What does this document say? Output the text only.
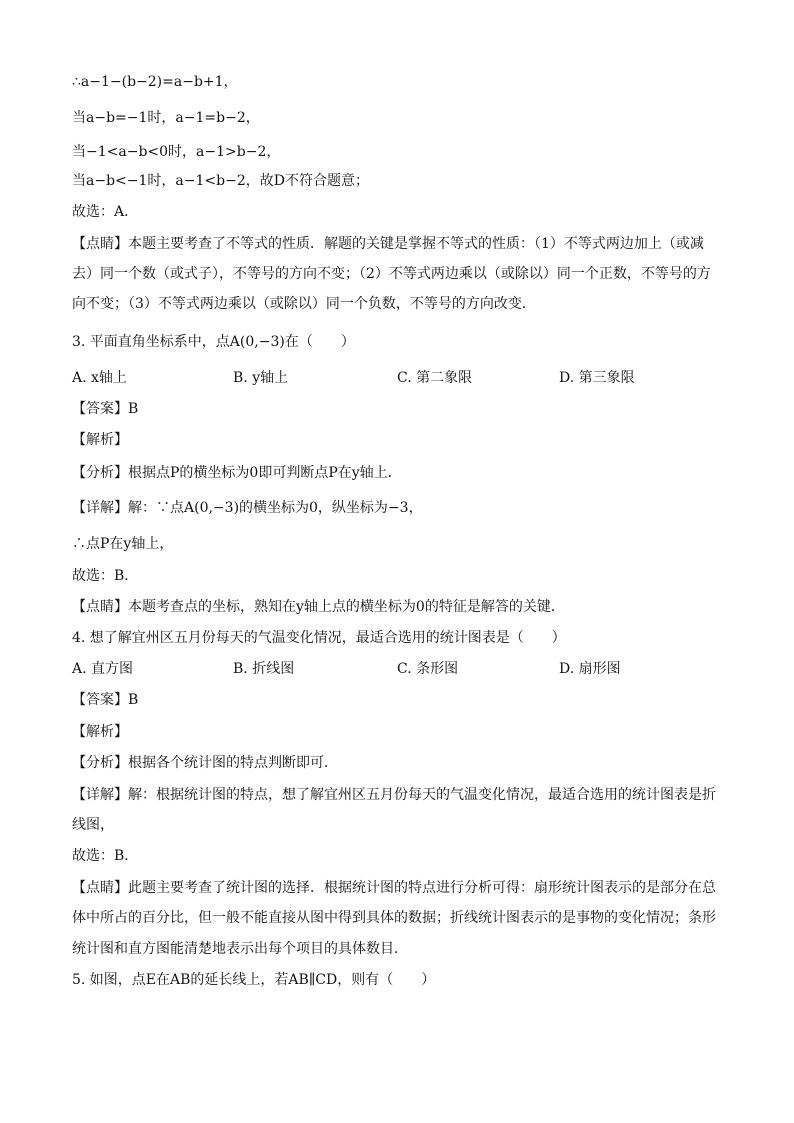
∴a−1−(b−2)=a−b+1，
当a−b=−1时，a−1=b−2，
当−1<a−b<0时，a−1>b−2，
当a−b<−1时，a−1<b−2，故D不符合题意；
故选：A．
【点睛】本题主要考查了不等式的性质．解题的关键是掌握不等式的性质：（1）不等式两边加上（或减
去）同一个数（或式子），不等号的方向不变；（2）不等式两边乘以（或除以）同一个正数，不等号的方
向不变；（3）不等式两边乘以（或除以）同一个负数，不等号的方向改变．
3. 平面直角坐标系中，点A(0,−3)在（　　）
A. x轴上	B. y轴上	C. 第二象限	D. 第三象限
【答案】B
【解析】
【分析】根据点P的横坐标为0即可判断点P在y轴上．
【详解】解：∵点A(0,−3)的横坐标为0，纵坐标为−3，
∴点P在y轴上，
故选：B．
【点睛】本题考查点的坐标，熟知在y轴上点的横坐标为0的特征是解答的关键．
4. 想了解宜州区五月份每天的气温变化情况，最适合选用的统计图表是（　　）
A. 直方图	B. 折线图	C. 条形图	D. 扇形图
【答案】B
【解析】
【分析】根据各个统计图的特点判断即可．
【详解】解：根据统计图的特点，想了解宜州区五月份每天的气温变化情况，最适合选用的统计图表是折
线图，
故选：B．
【点睛】此题主要考查了统计图的选择．根据统计图的特点进行分析可得：扇形统计图表示的是部分在总
体中所占的百分比，但一般不能直接从图中得到具体的数据；折线统计图表示的是事物的变化情况；条形
统计图和直方图能清楚地表示出每个项目的具体数目．
5. 如图，点E在AB的延长线上，若AB∥CD，则有（　　）
